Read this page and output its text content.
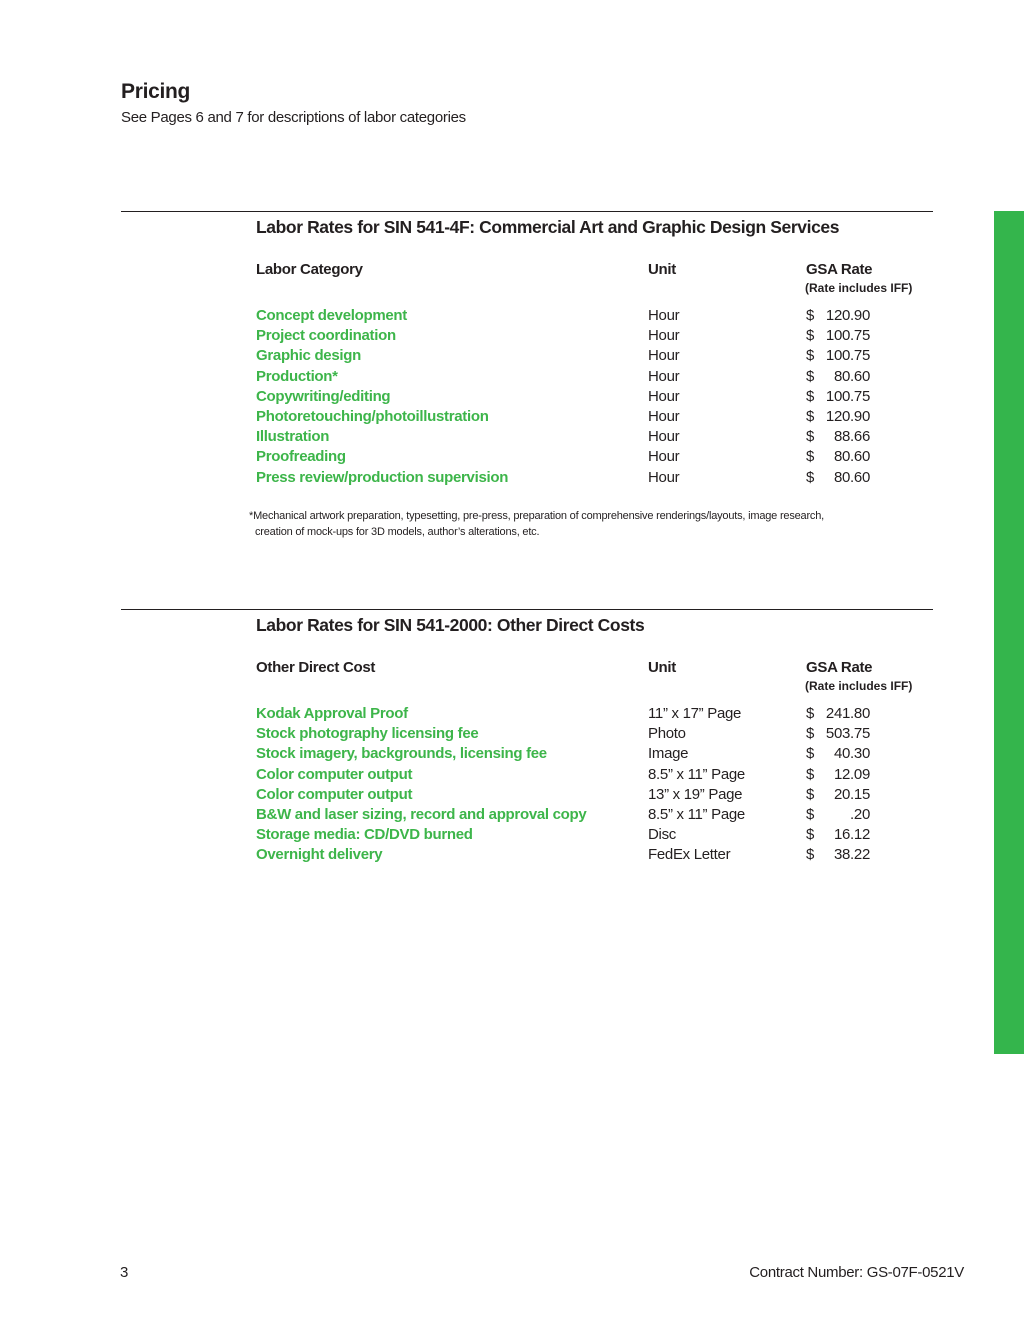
Pricing
See Pages 6 and 7 for descriptions of labor categories
Labor Rates for SIN 541-4F: Commercial Art and Graphic Design Services
Labor Category	Unit	GSA Rate
(Rate includes IFF)
Concept development	Hour	$ 120.90
Project coordination	Hour	$ 100.75
Graphic design	Hour	$ 100.75
Production*	Hour	$	80.60
Copywriting/editing	Hour	$ 100.75
Photoretouching/photoillustration	Hour	$ 120.90
Illustration	Hour	$	88.66
Proofreading	Hour	$	80.60
Press review/production supervision	Hour	$	80.60
*Mechanical artwork preparation, typesetting, pre-press, preparation of comprehensive renderings/layouts, image research,
creation of mock-ups for 3D models, author’s alterations, etc.
Labor Rates for SIN 541-2000: Other Direct Costs
Other Direct Cost	Unit	GSA Rate
(Rate includes IFF)
Kodak Approval Proof	11” x 17” Page	$ 241.80
Stock photography licensing fee	Photo	$ 503.75
Stock imagery, backgrounds, licensing fee	Image	$	40.30
Color computer output	8.5” x 11” Page	$	12.09
Color computer output	13” x 19” Page	$	20.15
B&W and laser sizing, record and approval copy	8.5” x 11” Page	$	.20
Storage media: CD/DVD burned	Disc	$	16.12
Overnight delivery	FedEx Letter	$	38.22
3	Contract Number: GS-07F-0521V
